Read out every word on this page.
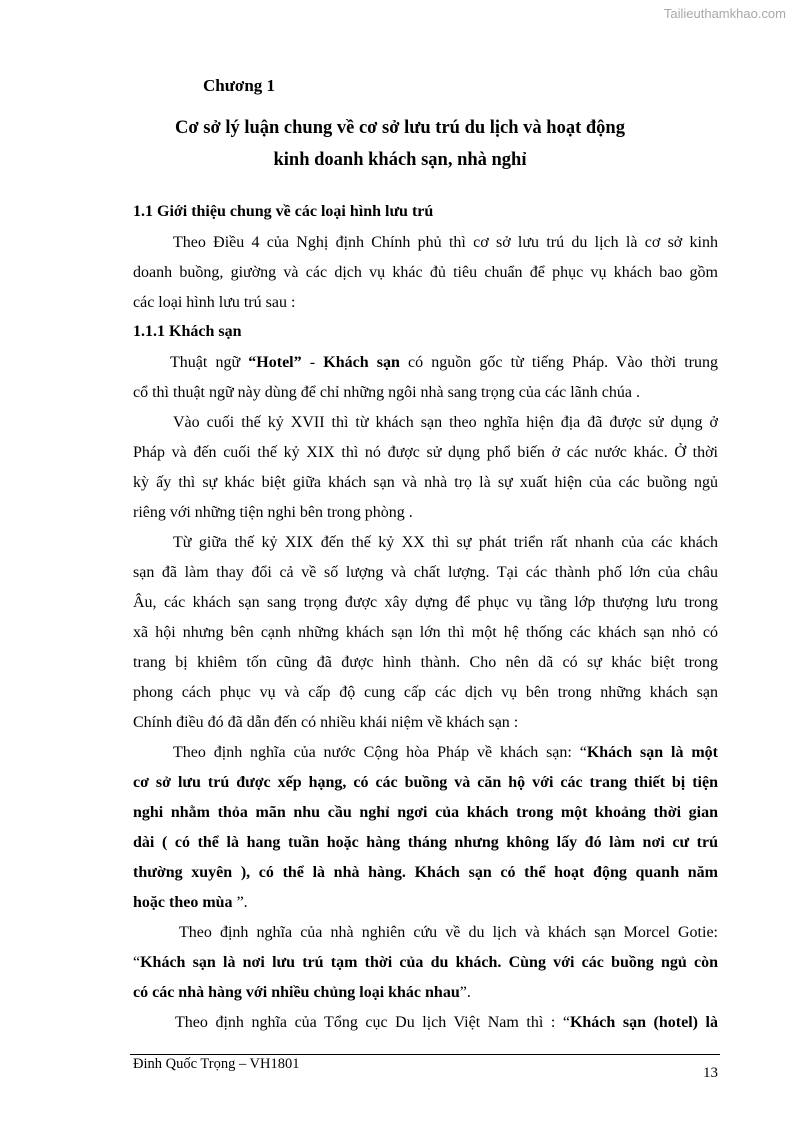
Tailieuthamkhao.com
Chương 1
Cơ sở lý luận chung về cơ sở lưu trú du lịch và hoạt động
kinh doanh khách sạn, nhà nghỉ
1.1 Giới thiệu chung về các loại hình lưu trú
Theo Điều 4 của Nghị định Chính phủ thì cơ sở lưu trú du lịch là cơ sở kinh
doanh buồng, giường và các dịch vụ khác đủ tiêu chuẩn để phục vụ khách bao gồm
các loại hình lưu trú sau :
1.1.1 Khách sạn
Thuật ngữ “Hotel” - Khách sạn có nguồn gốc từ tiếng Pháp. Vào thời trung
cổ thì thuật ngữ này dùng để chỉ những ngôi nhà sang trọng của các lãnh chúa .
Vào cuối thế kỷ XVII thì từ khách sạn theo nghĩa hiện địa đã được sử dụng ở
Pháp và đến cuối thế kỷ XIX thì nó được sử dụng phổ biến ở các nước khác. Ở thời
kỳ ấy thì sự khác biệt giữa khách sạn và nhà trọ là sự xuất hiện của các buồng ngủ
riêng với những tiện nghi bên trong phòng .
Từ giữa thế kỷ XIX đến thế kỷ XX thì sự phát triển rất nhanh của các khách
sạn đã làm thay đổi cả về số lượng và chất lượng. Tại các thành phố lớn của châu
Âu, các khách sạn sang trọng được xây dựng để phục vụ tầng lớp thượng lưu trong
xã hội nhưng bên cạnh những khách sạn lớn thì một hệ thống các khách sạn nhỏ có
trang bị khiêm tốn cũng đã được hình thành. Cho nên dã có sự khác biệt trong
phong cách phục vụ và cấp độ cung cấp các dịch vụ bên trong những khách sạn
Chính điều đó đã dẫn đến có nhiều khái niệm về khách sạn :
Theo định nghĩa của nước Cộng hòa Pháp về khách sạn: “Khách sạn là một
cơ sở lưu trú được xếp hạng, có các buồng và căn hộ với các trang thiết bị tiện
nghi nhằm thỏa mãn nhu cầu nghỉ ngơi của khách trong một khoảng thời gian
dài ( có thể là hang tuần hoặc hàng tháng nhưng không lấy đó làm nơi cư trú
thường xuyên ), có thể là nhà hàng. Khách sạn có thể hoạt động quanh năm
hoặc theo mùa ”.
Theo định nghĩa của nhà nghiên cứu về du lịch và khách sạn Morcel Gotie:
“Khách sạn là nơi lưu trú tạm thời của du khách. Cùng với các buồng ngủ còn
có các nhà hàng với nhiều chủng loại khác nhau”.
Theo định nghĩa của Tổng cục Du lịch Việt Nam thì : “Khách sạn (hotel) là
Đinh Quốc Trọng – VH1801
13
